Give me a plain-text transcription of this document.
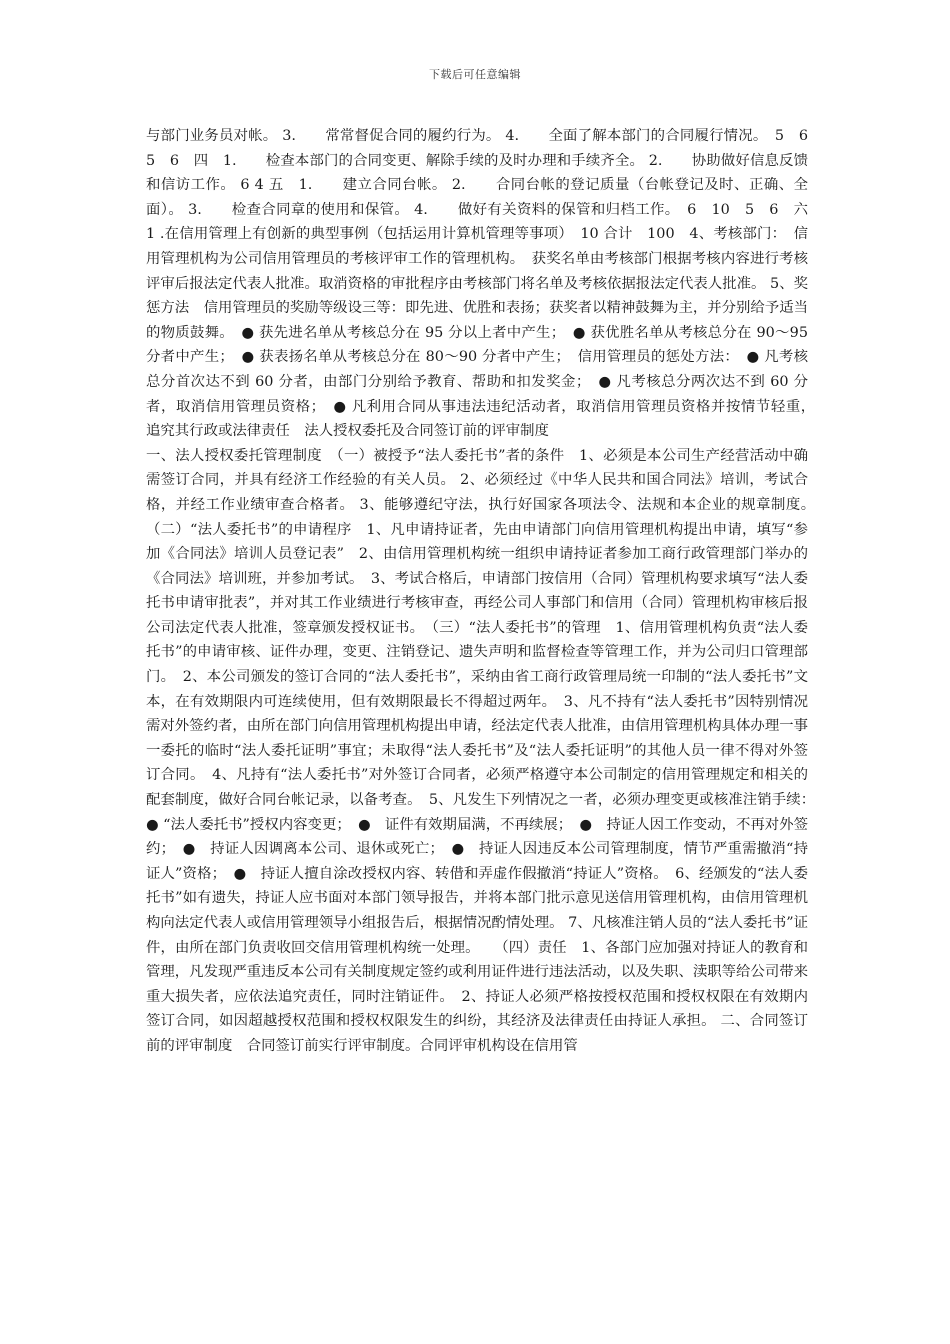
下载后可任意编辑

与部门业务员对帐。 3.　　常常督促合同的履约行为。 4.　　全面了解本部门的合同履行情况。　5　6　5　6　四　1.　　检查本部门的合同变更、解除手续的及时办理和手续齐全。 2.　　协助做好信息反馈和信访工作。 6 4 五　1.　　建立合同台帐。 2.　　合同台帐的登记质量（台帐登记及时、正确、全面）。 3.　　检查合同章的使用和保管。 4.　　做好有关资料的保管和归档工作。　6　10　5　6　六　1 .在信用管理上有创新的典型事例（包括运用计算机管理等事项）　10 合计　100　4、考核部门：　信用管理机构为公司信用管理员的考核评审工作的管理机构。　获奖名单由考核部门根据考核内容进行考核评审后报法定代表人批准。取消资格的审批程序由考核部门将名单及考核依据报法定代表人批准。 5、奖惩方法　信用管理员的奖励等级设三等：即先进、优胜和表扬；获奖者以精神鼓舞为主，并分别给予适当的物质鼓舞。　● 获先进名单从考核总分在 95 分以上者中产生；　● 获优胜名单从考核总分在 90～95 分者中产生；　● 获表扬名单从考核总分在 80～90 分者中产生；　信用管理员的惩处方法：　● 凡考核总分首次达不到 60 分者，由部门分别给予教育、帮助和扣发奖金；　● 凡考核总分两次达不到 60 分者，取消信用管理员资格；　● 凡利用合同从事违法违纪活动者，取消信用管理员资格并按情节轻重，　追究其行政或法律责任　法人授权委托及合同签订前的评审制度

一、法人授权委托管理制度　（一）被授予“法人委托书”者的条件　1、必须是本公司生产经营活动中确需签订合同，并具有经济工作经验的有关人员。 2、必须经过《中华人民共和国合同法》培训，考试合格，并经工作业绩审查合格者。 3、能够遵纪守法，执行好国家各项法令、法规和本企业的规章制度。　（二）“法人委托书”的申请程序　1、凡申请持证者，先由申请部门向信用管理机构提出申请，填写“参加《合同法》培训人员登记表”　2、由信用管理机构统一组织申请持证者参加工商行政管理部门举办的《合同法》培训班，并参加考试。　3、考试合格后，申请部门按信用（合同）管理机构要求填写“法人委托书申请审批表”，并对其工作业绩进行考核审查，再经公司人事部门和信用（合同）管理机构审核后报公司法定代表人批准，签章颁发授权证书。　（三）“法人委托书”的管理　1、信用管理机构负责“法人委托书”的申请审核、证件办理，变更、注销登记、遗失声明和监督检查等管理工作，并为公司归口管理部门。　2、本公司颁发的签订合同的“法人委托书”，采纳由省工商行政管理局统一印制的“法人委托书”文本，在有效期限内可连续使用，但有效期限最长不得超过两年。　3、凡不持有“法人委托书”因特别情况需对外签约者，由所在部门向信用管理机构提出申请，经法定代表人批准，由信用管理机构具体办理一事一委托的临时“法人委托证明”事宜；未取得“法人委托书”及“法人委托证明”的其他人员一律不得对外签订合同。　4、凡持有“法人委托书”对外签订合同者，必须严格遵守本公司制定的信用管理规定和相关的配套制度，做好合同台帐记录，以备考查。　5、凡发生下列情况之一者，必须办理变更或核准注销手续：　● “法人委托书”授权内容变更；　●　证件有效期届满，不再续展；　●　持证人因工作变动，不再对外签约；　●　持证人因调离本公司、退休或死亡；　●　持证人因违反本公司管理制度，情节严重需撤消“持证人”资格；　●　持证人擅自涂改授权内容、转借和弄虚作假撤消“持证人”资格。　6、经颁发的“法人委托书”如有遗失，持证人应书面对本部门领导报告，并将本部门批示意见送信用管理机构，由信用管理机构向法定代表人或信用管理领导小组报告后，根据情况酌情处理。 7、凡核准注销人员的“法人委托书”证件，由所在部门负责收回交信用管理机构统一处理。　　（四）责任　1、各部门应加强对持证人的教育和管理，凡发现严重违反本公司有关制度规定签约或利用证件进行违法活动，以及失职、渎职等给公司带来重大损失者，应依法追究责任，同时注销证件。　2、持证人必须严格按授权范围和授权权限在有效期内签订合同，如因超越授权范围和授权权限发生的纠纷，其经济及法律责任由持证人承担。 二、合同签订前的评审制度　合同签订前实行评审制度。合同评审机构设在信用管
